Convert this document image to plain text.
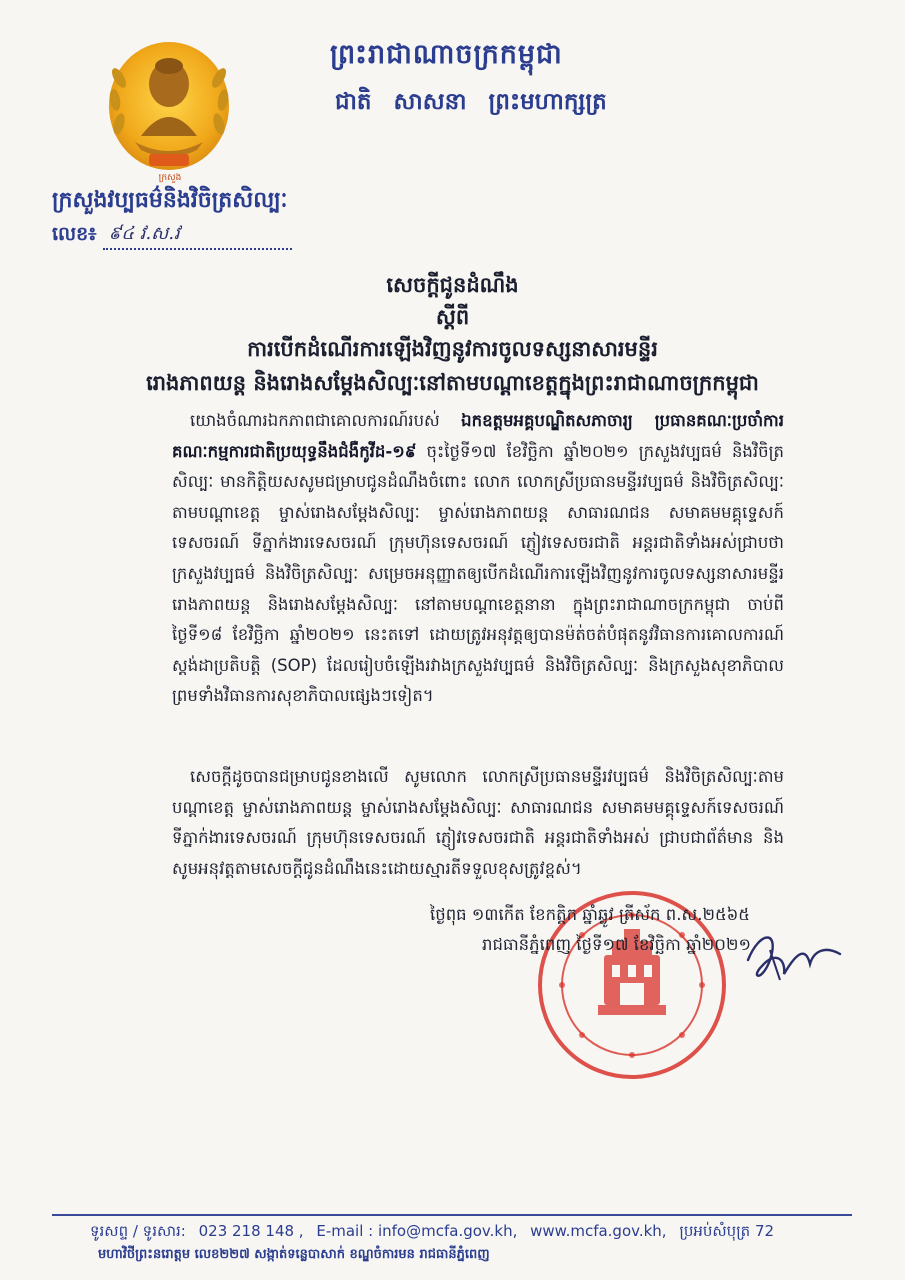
ក្រសួង
ព្រះរាជាណាចក្រកម្ពុជា
ជាតិ សាសនា ព្រះមហាក្សត្រ
ក្រសួងវប្បធម៌និងវិចិត្រសិល្បៈ
លេខ៖ ៩៤ វ.ស.វ
សេចក្តីជូនដំណឹង
ស្តីពី
ការបើកដំណើរការឡើងវិញនូវការចូលទស្សនាសារមន្ទីរ
រោងភាពយន្ត និងរោងសម្តែងសិល្បៈនៅតាមបណ្តាខេត្តក្នុងព្រះរាជាណាចក្រកម្ពុជា
យោងចំណារឯកភាពជាគោលការណ៍របស់ ឯកឧត្តមអគ្គបណ្ឌិតសភាចារ្យ ប្រធានគណៈប្រចាំការគណៈកម្មការជាតិប្រយុទ្ធនឹងជំងឺកូវីដ-១៩ ចុះថ្ងៃទី១៧ ខែវិច្ឆិកា ឆ្នាំ២០២១ ក្រសួងវប្បធម៌ និងវិចិត្រសិល្បៈ មានកិត្តិយសសូមជម្រាបជូនដំណឹងចំពោះ លោក លោកស្រីប្រធានមន្ទីរវប្បធម៌ និងវិចិត្រសិល្បៈតាមបណ្តាខេត្ត ម្ចាស់រោងសម្តែងសិល្បៈ ម្ចាស់រោងភាពយន្ត សាធារណជន សមាគមមគ្គុទ្ទេសក៍ទេសចរណ៍ ទីភ្នាក់ងារទេសចរណ៍ ក្រុមហ៊ុនទេសចរណ៍ ភ្ញៀវទេសចរជាតិ អន្តរជាតិទាំងអស់ជ្រាបថា ក្រសួងវប្បធម៌ និងវិចិត្រសិល្បៈ សម្រេចអនុញ្ញាតឲ្យបើកដំណើរការឡើងវិញនូវការចូលទស្សនាសារមន្ទីរ រោងភាពយន្ត និងរោងសម្តែងសិល្បៈ នៅតាមបណ្តាខេត្តនានា ក្នុងព្រះរាជាណាចក្រកម្ពុជា ចាប់ពីថ្ងៃទី១៨ ខែវិច្ឆិកា ឆ្នាំ២០២១ នេះតទៅ ដោយត្រូវអនុវត្តឲ្យបានម៉ត់ចត់បំផុតនូវវិធានការគោលការណ៍ស្តង់ដាប្រតិបត្តិ (SOP) ដែលរៀបចំឡើងរវាងក្រសួងវប្បធម៌ និងវិចិត្រសិល្បៈ និងក្រសួងសុខាភិបាល ព្រមទាំងវិធានការសុខាភិបាលផ្សេងៗទៀត។
សេចក្តីដូចបានជម្រាបជូនខាងលើ សូមលោក លោកស្រីប្រធានមន្ទីរវប្បធម៌ និងវិចិត្រសិល្បៈតាមបណ្តាខេត្ត ម្ចាស់រោងភាពយន្ត ម្ចាស់រោងសម្តែងសិល្បៈ សាធារណជន សមាគមមគ្គុទ្ទេសក៍ទេសចរណ៍ ទីភ្នាក់ងារទេសចរណ៍ ក្រុមហ៊ុនទេសចរណ៍ ភ្ញៀវទេសចរជាតិ អន្តរជាតិទាំងអស់ ជ្រាបជាព័ត៌មាន និងសូមអនុវត្តតាមសេចក្តីជូនដំណឹងនេះដោយស្មារតីទទួលខុសត្រូវខ្ពស់។
ថ្ងៃពុធ ១៣កើត ខែកត្តិក ឆ្នាំឆ្លូវ ត្រីស័ក ព.ស.២៥៦៥
រាជធានីភ្នំពេញ ថ្ងៃទី១៧ ខែវិច្ឆិកា ឆ្នាំ២០២១
ទូរសព្ទ / ទូរសារ: 023 218 148 , E-mail : info@mcfa.gov.kh, www.mcfa.gov.kh, ប្រអប់សំបុត្រ 72
មហាវិថីព្រះនរោត្តម លេខ២២៧ សង្កាត់ទន្លេបាសាក់ ខណ្ឌចំការមន រាជធានីភ្នំពេញ
